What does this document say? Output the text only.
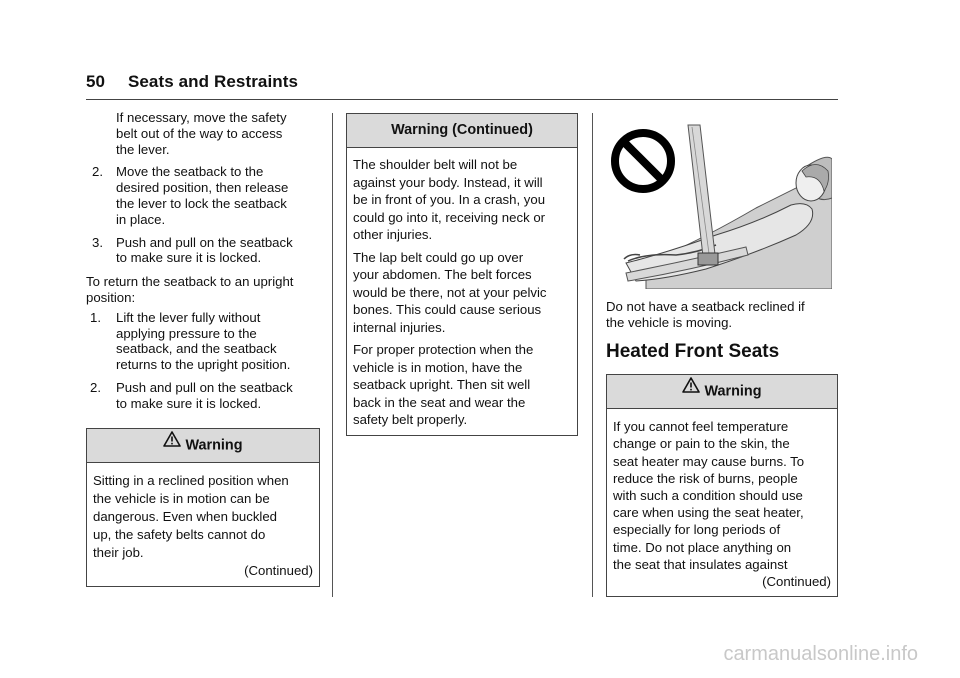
50 Seats and Restraints

If necessary, move the safety
belt out of the way to access
the lever.

2. Move the seatback to the
desired position, then release
the lever to lock the seatback
in place.
3. Push and pull on the seatback
to make sure it is locked.

To return the seatback to an upright
position:

1. Lift the lever fully without
applying pressure to the
seatback, and the seatback
returns to the upright position.
2. Push and pull on the seatback
to make sure it is locked.
Warning
Sitting in a reclined position when
the vehicle is in motion can be
dangerous. Even when buckled
up, the safety belts cannot do
their job.
(Continued)
Warning (Continued)

The shoulder belt will not be
against your body. Instead, it will
be in front of you. In a crash, you
could go into it, receiving neck or
other injuries.

The lap belt could go up over
your abdomen. The belt forces
would be there, not at your pelvic
bones. This could cause serious
internal injuries.

For proper protection when the
vehicle is in motion, have the
seatback upright. Then sit well
back in the seat and wear the
safety belt properly.

Do not have a seatback reclined if
the vehicle is moving.

Heated Front Seats
Warning
If you cannot feel temperature
change or pain to the skin, the
seat heater may cause burns. To
reduce the risk of burns, people
with such a condition should use
care when using the seat heater,
especially for long periods of
time. Do not place anything on
the seat that insulates against
(Continued)
carmanualsonline.info
